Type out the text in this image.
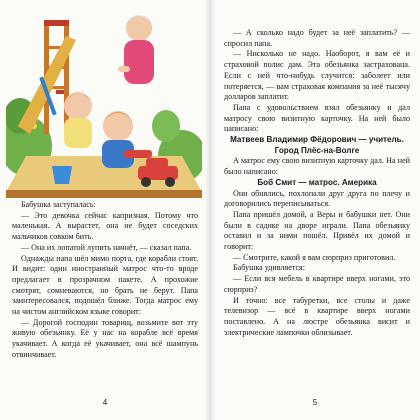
Бабушка заступалась:

— Это девочка сейчас капризная. Потому что маленькая. А вырастет, она не будет соседских мальчиков совком бить.

— Она их лопатой лупить начнёт, — сказал папа.

Однажды папа шёл мимо порта, где корабли стоят. И видит: один иностранный матрос что-то вроде предлагает в прозрачном пакете. А прохожие смотрят, сомневаются, но брать не берут. Папа заинтересовался, подошёл ближе. Тогда матрос ему на чистом английском языке говорит:

— Дорогой господин товарищ, возьмите вот эту живую обезьянку. Её у нас на корабле всё время укачивает. А когда её укачивает, она всё шампунь отвинчивает.

4

— А сколько надо будет за неё заплатить? — спросил папа.

— Нисколько не надо. Наоборот, я вам её и страховой полис дам. Эта обезьянка застрахована. Если с ней что-нибудь случится: заболеет или потеряется, — вам страховая компания за неё тысячу долларов заплатит.

Папа с удовольствием взял обезьянку и дал матросу свою визитную карточку. На ней было написано:

Матвеев Владимир Фёдорович — учитель. Город Плёс-на-Волге

А матрос ему свою визитную карточку дал. На ней было написано:

Боб Смит — матрос. Америка

Они обнялись, похлопали друг друга по плечу и договорились переписываться.

Папа пришёл домой, а Веры и бабушки нет. Они были в садике на дворе играли. Папа обезьянку оставил и за ними пошёл. Привёл их домой и говорит:

— Смотрите, какой я вам сюрприз приготовил.

Бабушка удивляется:

— Если вся мебель в квартире вверх ногами, это сюрприз?

И точно: все табуретки, все столы и даже телевизор — всё в квартире вверх ногами поставлено. А на люстре обезьянка висит и электрические лампочки облизывает.

5
